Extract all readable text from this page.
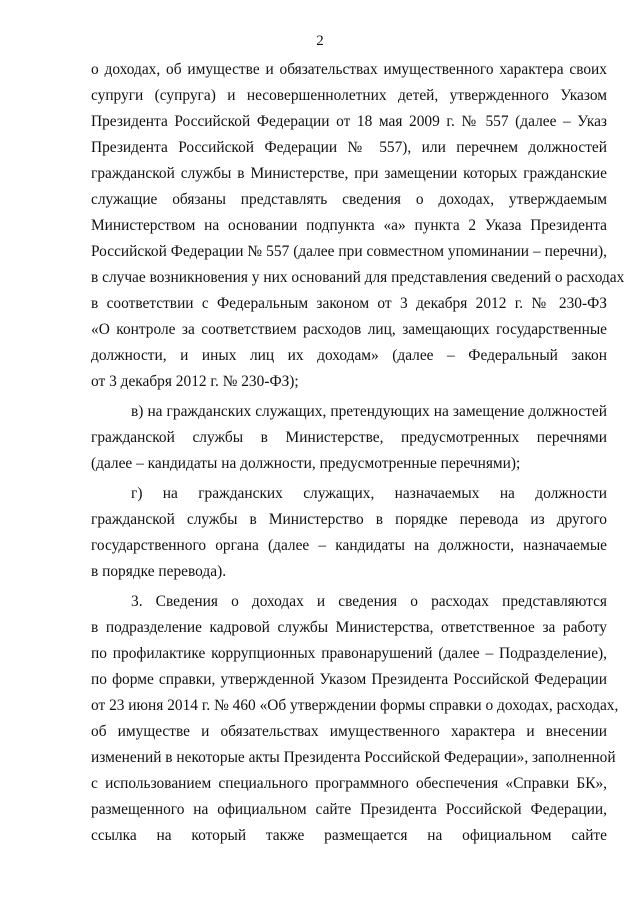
2
о доходах, об имуществе и обязательствах имущественного характера своих
супруги (супруга) и несовершеннолетних детей, утвержденного Указом
Президента Российской Федерации от 18 мая 2009 г. № 557 (далее – Указ
Президента Российской Федерации № 557), или перечнем должностей
гражданской службы в Министерстве, при замещении которых гражданские
служащие обязаны представлять сведения о доходах, утверждаемым
Министерством на основании подпункта «а» пункта 2 Указа Президента
Российской Федерации № 557 (далее при совместном упоминании – перечни),
в случае возникновения у них оснований для представления сведений о расходах
в соответствии с Федеральным законом от 3 декабря 2012 г. № 230-ФЗ
«О контроле за соответствием расходов лиц, замещающих государственные
должности, и иных лиц их доходам» (далее – Федеральный закон
от 3 декабря 2012 г. № 230-ФЗ);
в) на гражданских служащих, претендующих на замещение должностей
гражданской службы в Министерстве, предусмотренных перечнями
(далее – кандидаты на должности, предусмотренные перечнями);
г) на гражданских служащих, назначаемых на должности
гражданской службы в Министерство в порядке перевода из другого
государственного органа (далее – кандидаты на должности, назначаемые
в порядке перевода).
3. Сведения о доходах и сведения о расходах представляются
в подразделение кадровой службы Министерства, ответственное за работу
по профилактике коррупционных правонарушений (далее – Подразделение),
по форме справки, утвержденной Указом Президента Российской Федерации
от 23 июня 2014 г. № 460 «Об утверждении формы справки о доходах, расходах,
об имуществе и обязательствах имущественного характера и внесении
изменений в некоторые акты Президента Российской Федерации», заполненной
с использованием специального программного обеспечения «Справки БК»,
размещенного на официальном сайте Президента Российской Федерации,
ссылка на который также размещается на официальном сайте
